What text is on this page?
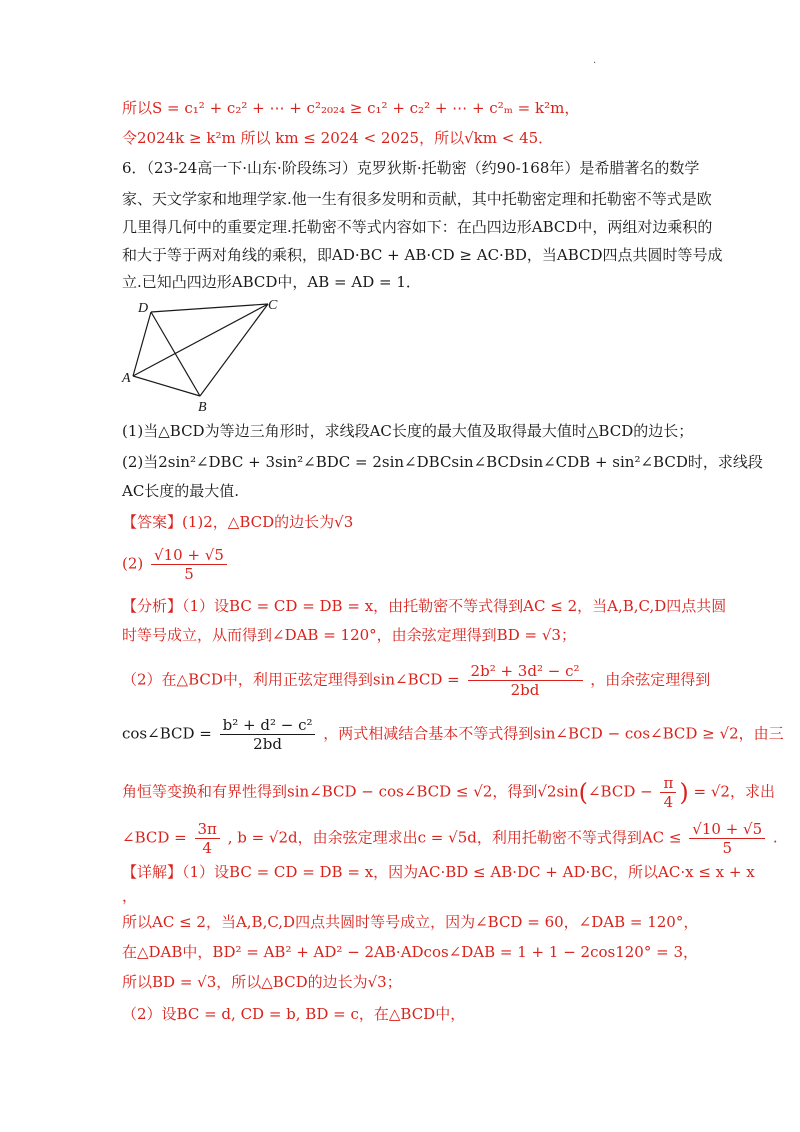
·
所以S = c₁² + c₂² + ⋯ + c²₂₀₂₄ ≥ c₁² + c₂² + ⋯ + c²ₘ = k²m，
令2024k ≥ k²m 所以 km ≤ 2024 < 2025，所以√km < 45．
6．（23-24高一下·山东·阶段练习）克罗狄斯·托勒密（约90-168年）是希腊著名的数学
家、天文学家和地理学家.他一生有很多发明和贡献，其中托勒密定理和托勒密不等式是欧
几里得几何中的重要定理.托勒密不等式内容如下：在凸四边形ABCD中，两组对边乘积的
和大于等于两对角线的乘积，即AD·BC + AB·CD ≥ AC·BD，当ABCD四点共圆时等号成
立.已知凸四边形ABCD中，AB = AD = 1．
D	C
A
B
(1)当△BCD为等边三角形时，求线段AC长度的最大值及取得最大值时△BCD的边长；
(2)当2sin²∠DBC + 3sin²∠BDC = 2sin∠DBCsin∠BCDsin∠CDB + sin²∠BCD时，求线段
AC长度的最大值.
【答案】(1)2，△BCD的边长为√3
$(2) \frac{√10 + √5}{5}$
【分析】（1）设BC = CD = DB = x，由托勒密不等式得到AC ≤ 2，当A,B,C,D四点共圆
时等号成立，从而得到∠DAB = 120°，由余弦定理得到BD = √3；
（2）在△BCD中，利用正弦定理得到sin∠BCD = $\frac{\text{2b² + 3d² − c²}}{2bd}$ ，由余弦定理得到
cos∠BCD = $\frac{\text{b² + d² − c²}}{2bd}$ ，两式相减结合基本不等式得到sin∠BCD − cos∠BCD ≥ √2，由三
角恒等变换和有界性得到sin∠BCD − cos∠BCD ≤ √2，得到√2sin(∠BCD − $\frac{\pi}{4}$ ) = √2，求出
∠BCD = $\frac{3\pi}{4}$ , b = √2d，由余弦定理求出c = √5d，利用托勒密不等式得到AC ≤ $\frac{√10 + √5}{5}$ .
【详解】（1）设BC = CD = DB = x，因为AC·BD ≤ AB·DC + AD·BC，所以AC·x ≤ x + x
，
所以AC ≤ 2，当A,B,C,D四点共圆时等号成立，因为∠BCD = 60，∠DAB = 120°，
在△DAB中，BD² = AB² + AD² − 2AB·ADcos∠DAB = 1 + 1 − 2cos120° = 3，
所以BD = √3，所以△BCD的边长为√3；
（2）设BC = d, CD = b, BD = c，在△BCD中，
